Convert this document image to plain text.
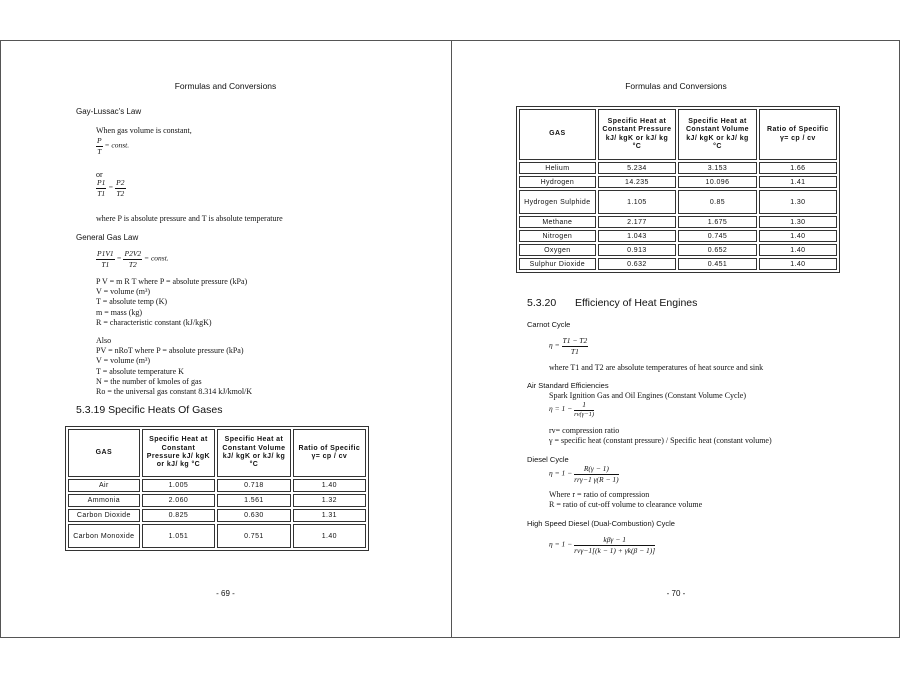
Formulas and Conversions
Gay-Lussac's Law
When gas volume is constant,
$\frac{P}{T}$ = const.
or
$\frac{P1}{T1} = \frac{P2}{T2}$
where P is absolute pressure and T is absolute temperature
General Gas Law
$\frac{P1V1}{T1} = \frac{P2V2}{T2}$ = const.
P V = m R T where P = absolute pressure (kPa)
V = volume (m³)
T = absolute temp (K)
m = mass (kg)
R = characteristic constant (kJ/kgK)
Also
PV = nRoT where P = absolute pressure (kPa)
V = volume (m³)
T = absolute temperature K
N = the number of kmoles of gas
Ro = the universal gas constant 8.314 kJ/kmol/K
5.3.19 Specific Heats Of Gases
GAS	Specific Heat at Constant Pressure kJ/ kgK or kJ/ kg °C	Specific Heat at Constant Volume kJ/ kgK or kJ/ kg °C	Ratio of Specific γ= cp / cv
Air	1.005	0.718	1.40
Ammonia	2.060	1.561	1.32
Carbon Dioxide	0.825	0.630	1.31
Carbon Monoxide	1.051	0.751	1.40
- 69 -
Formulas and Conversions
GAS	Specific Heat at Constant Pressure kJ/ kgK or kJ/ kg °C	Specific Heat at Constant Volume kJ/ kgK or kJ/ kg °C	Ratio of Specific γ= cp / cv
Helium	5.234	3.153	1.66
Hydrogen	14.235	10.096	1.41
Hydrogen Sulphide	1.105	0.85	1.30
Methane	2.177	1.675	1.30
Nitrogen	1.043	0.745	1.40
Oxygen	0.913	0.652	1.40
Sulphur Dioxide	0.632	0.451	1.40
5.3.20 Efficiency of Heat Engines
Carnot Cycle
$\eta = \frac{T1 - T2}{T1}$
where T1 and T2 are absolute temperatures of heat source and sink
Air Standard Efficiencies
Spark Ignition Gas and Oil Engines (Constant Volume Cycle)
$\eta = 1 - \frac{1}{rv(\gamma-1)}$
rv= compression ratio
γ = specific heat (constant pressure) / Specific heat (constant volume)
Diesel Cycle
$\eta = 1 - \frac{R(\gamma - 1)}{\text{rrγ−1 γ(R − 1)}}$
Where r = ratio of compression
R = ratio of cut-off volume to clearance volume
High Speed Diesel (Dual-Combustion) Cycle
$\eta = 1 - \frac{\text{kβγ − 1}}{\text{rvγ−1[(k − 1) + γk(β − 1)]}}$
- 70 -
